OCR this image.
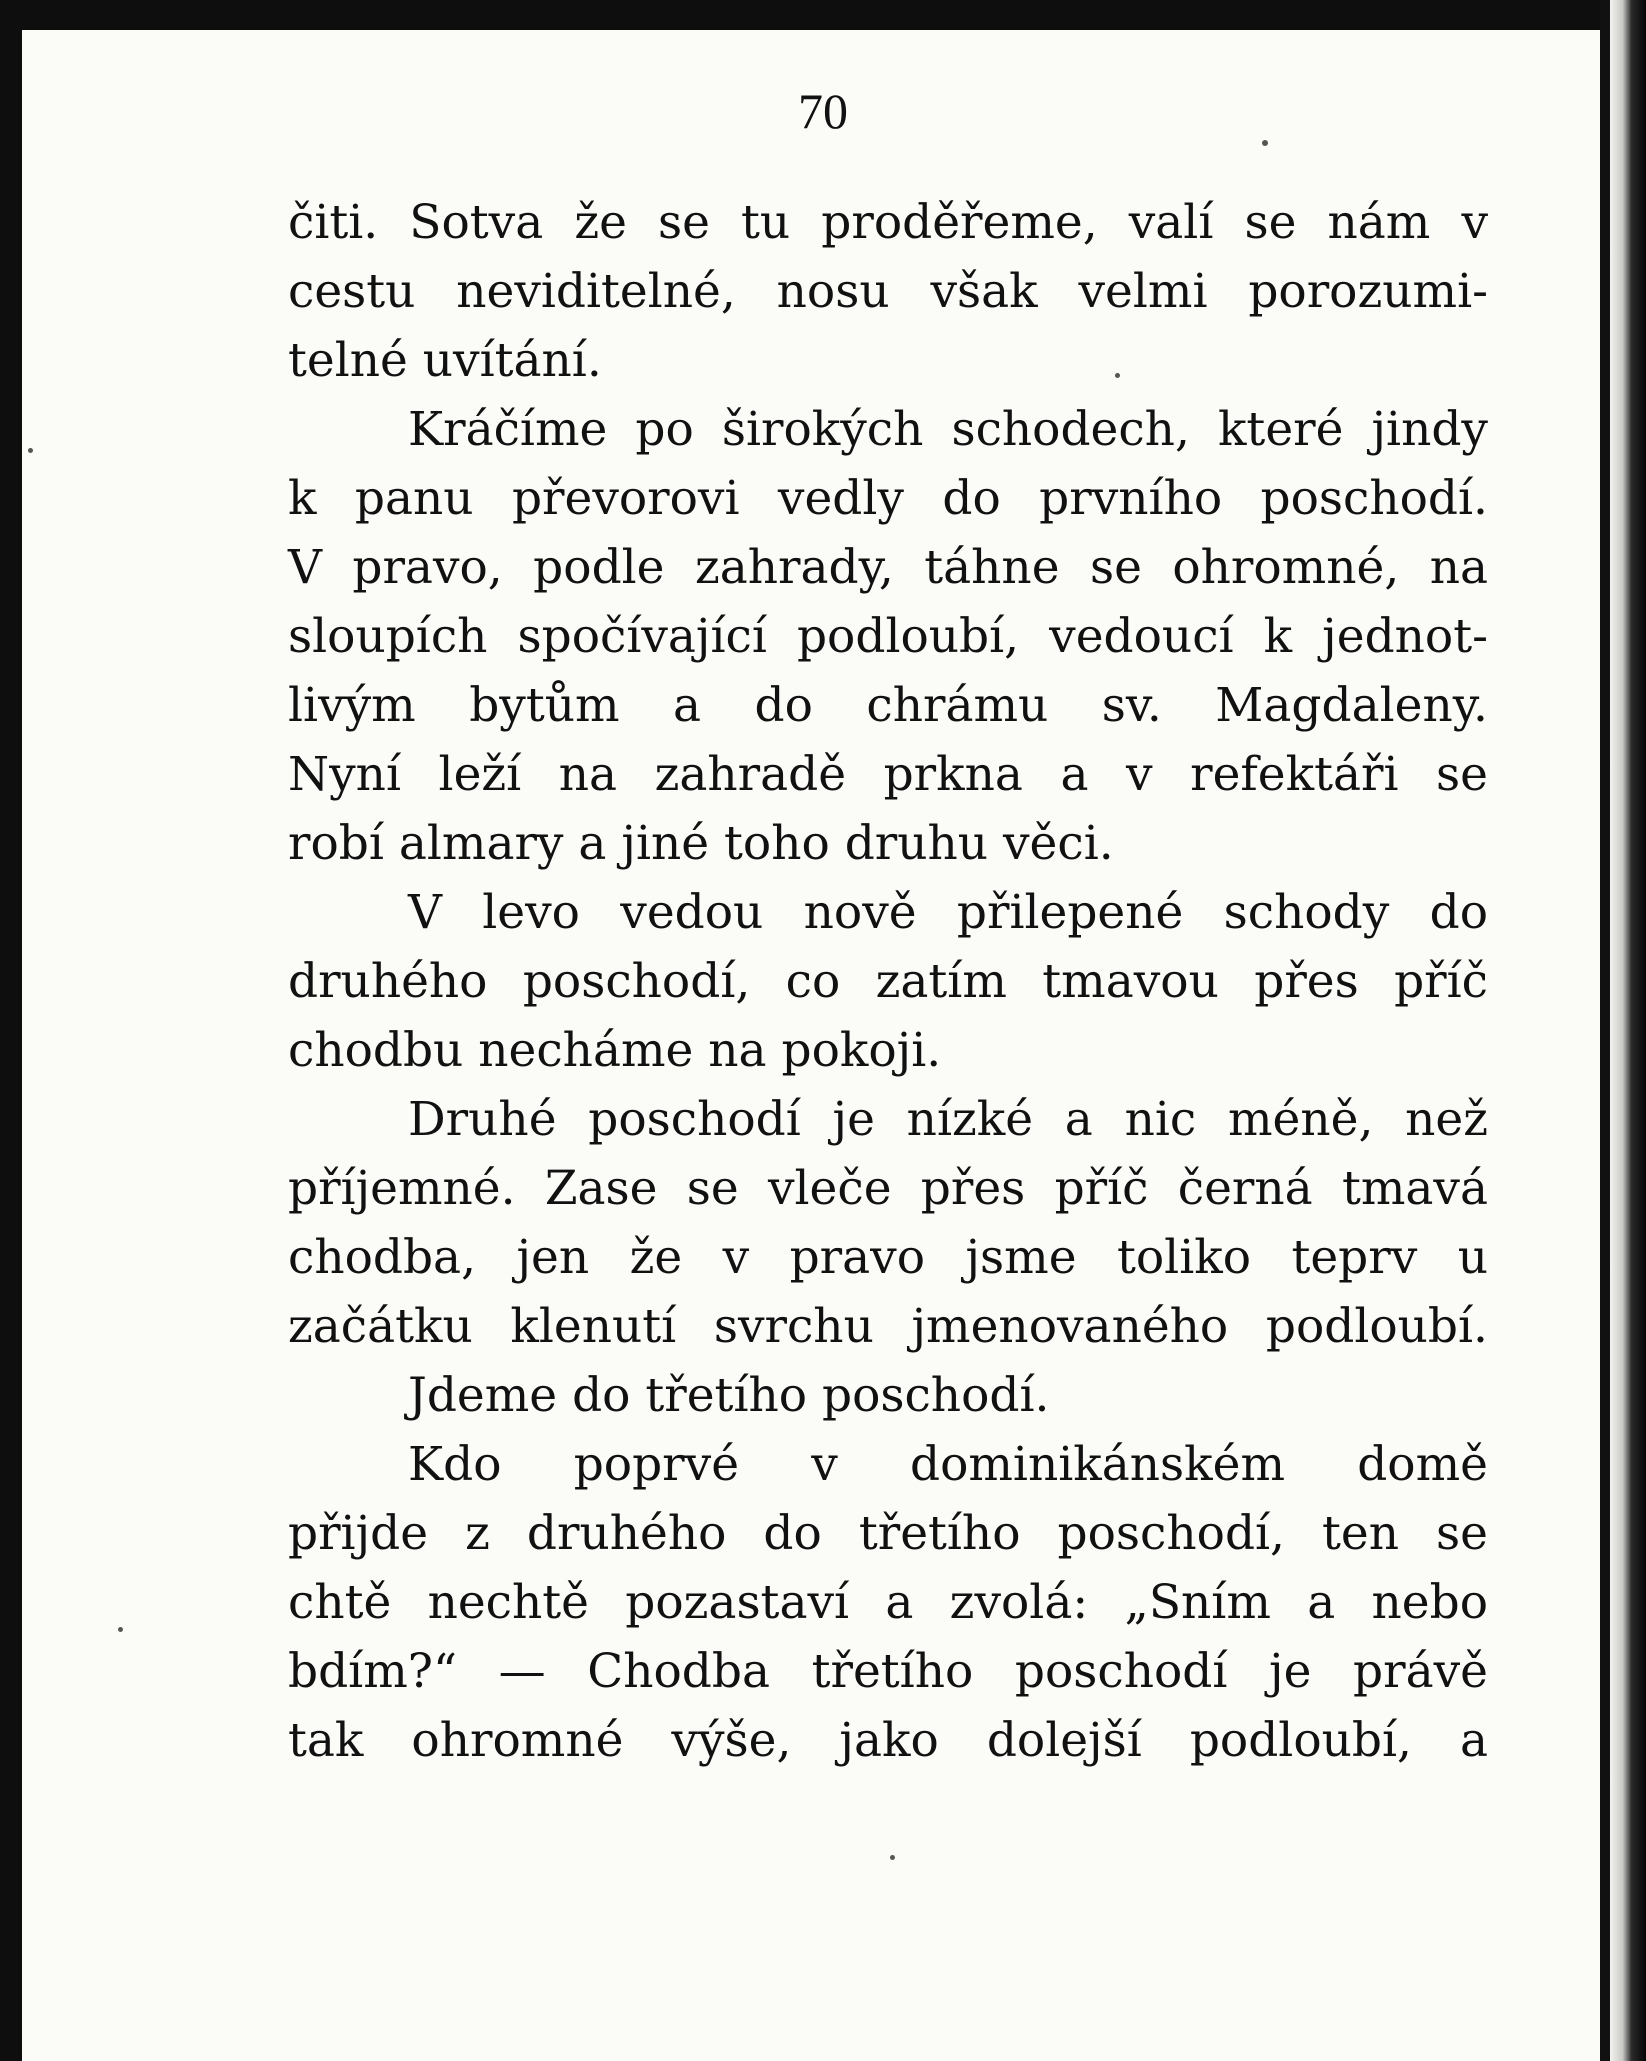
70

čiti. Sotva že se tu proděřeme, valí se nám v
cestu neviditelné, nosu však velmi porozumi-
telné uvítání.
Kráčíme po širokých schodech, které jindy
k panu převorovi vedly do prvního poschodí.
V pravo, podle zahrady, táhne se ohromné, na
sloupích spočívající podloubí, vedoucí k jednot-
livým bytům a do chrámu sv. Magdaleny.
Nyní leží na zahradě prkna a v refektáři se
robí almary a jiné toho druhu věci.
V levo vedou nově přilepené schody do
druhého poschodí, co zatím tmavou přes příč
chodbu necháme na pokoji.
Druhé poschodí je nízké a nic méně, než
příjemné. Zase se vleče přes příč černá tmavá
chodba, jen že v pravo jsme toliko teprv u
začátku klenutí svrchu jmenovaného podloubí.
Jdeme do třetího poschodí.
Kdo poprvé v dominikánském domě
přijde z druhého do třetího poschodí, ten se
chtě nechtě pozastaví a zvolá: „Sním a nebo
bdím?“ — Chodba třetího poschodí je právě
tak ohromné výše, jako dolejší podloubí, a
